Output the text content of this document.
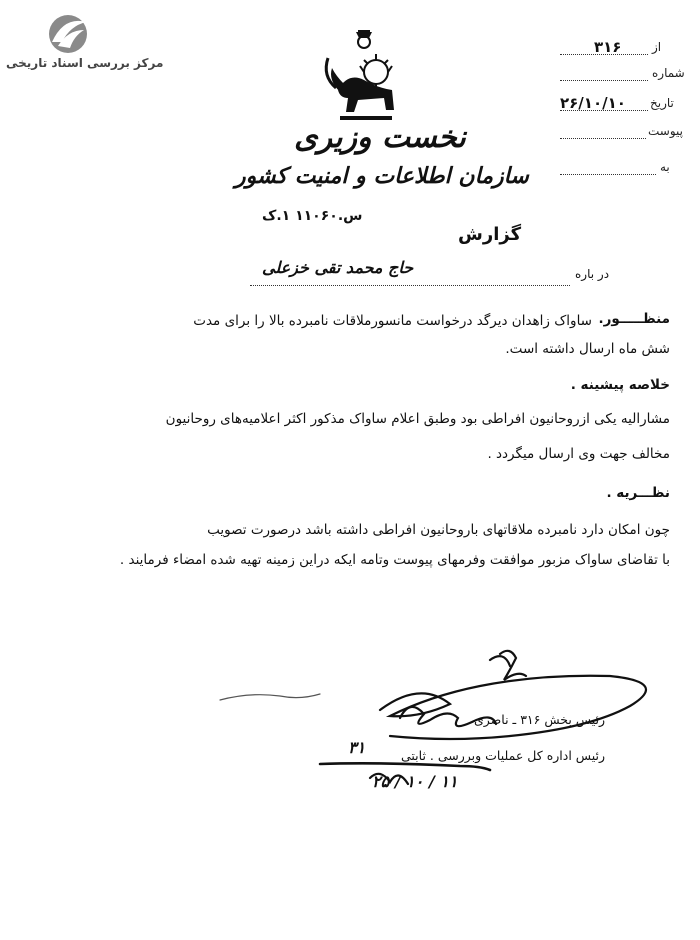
مرکز بررسی اسناد تاریخی
نخست وزیری
سازمان اطلاعات و امنیت کشور
س.۱۱۰۶۰ ۱.ک
از
۳۱۶
شماره
تاریخ
۲۶/۱۰/۱۰
پیوست
به
گزارش
در باره
حاج محمد تقی خزعلی
منظـــــور.
ساواک زاهدان دیرگد درخواست مانسورملاقات نامبرده بالا را برای مدت
شش ماه ارسال داشته است.
خلاصه پیشینه .
مشارالیه یکی ازروحانیون افراطی بود وطبق اعلام ساواک مذکور اکثر اعلامیه‌های روحانیون
مخالف جهت وی ارسال میگردد .
نظـــریه .
چون امکان دارد نامبرده ملاقاتهای باروحانیون افراطی داشته باشد درصورت تصویب
با تقاضای ساواک مزبور موافقت وفرمهای پیوست وتامه ایکه دراین زمینه تهیه شده امضاء فرمایند .
رئیس بخش ۳۱۶ ـ ناصری
رئیس اداره کل عملیات وبررسی . ثابتی
۳۱
۱۱ / ۱۰ / ۲۵
